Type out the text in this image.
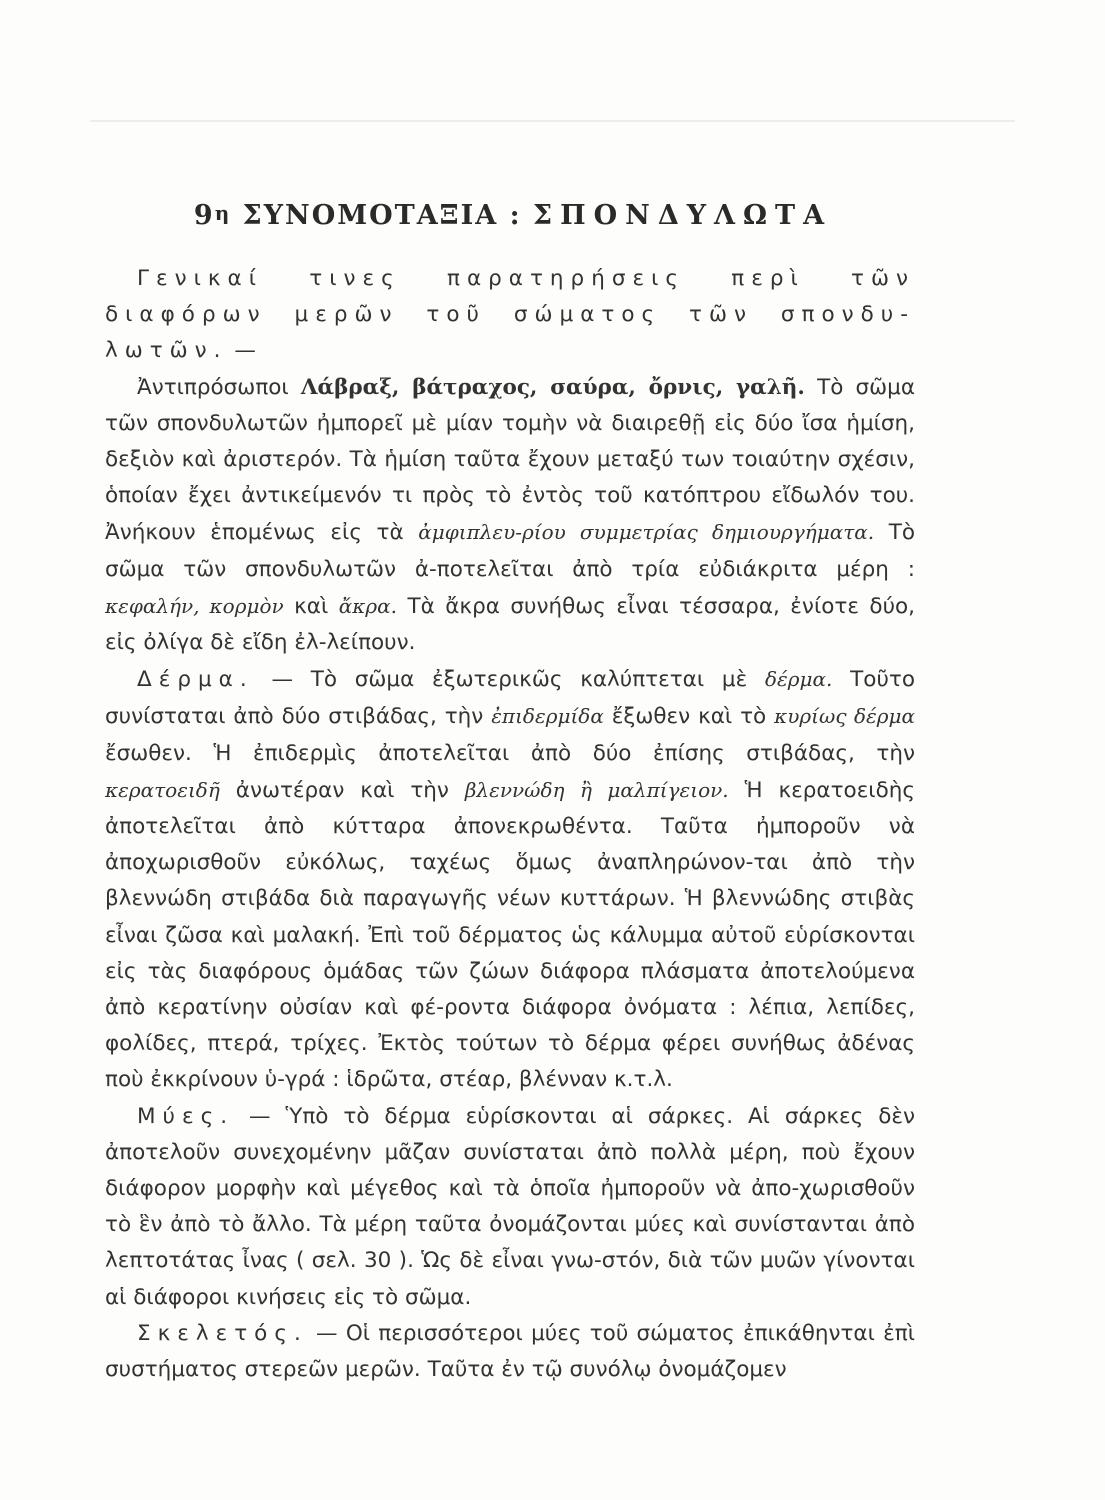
$9^\eta$ ΣΥΝΟΜΟΤΑΞΙΑ : ΣΠΟΝΔΥΛΩΤΑ

Γενικαί τινες παρατηρήσεις περὶ τῶν διαφόρων μερῶν τοῦ σώματος τῶν σπονδυ-λωτῶν. —

Ἀντιπρόσωποι Λάβραξ, βάτραχος, σαύρα, ὄρνις, γαλῆ. Τὸ σῶμα τῶν σπονδυλωτῶν ἠμπορεῖ μὲ μίαν τομὴν νὰ διαιρεθῇ εἰς δύο ἴσα ἡμίση, δεξιὸν καὶ ἀριστερόν. Τὰ ἡμίση ταῦτα ἔχουν μεταξύ των τοιαύτην σχέσιν, ὁποίαν ἔχει ἀντικείμενόν τι πρὸς τὸ ἐντὸς τοῦ κατόπτρου εἴδωλόν του. Ἀνήκουν ἑπομένως εἰς τὰ ἀμφιπλευ-ρίου συμμετρίας δημιουργήματα. Τὸ σῶμα τῶν σπονδυλωτῶν ἀ-ποτελεῖται ἀπὸ τρία εὐδιάκριτα μέρη : κεφαλήν, κορμὸν καὶ ἄκρα. Τὰ ἄκρα συνήθως εἶναι τέσσαρα, ἐνίοτε δύο, εἰς ὀλίγα δὲ εἴδη ἐλ-λείπουν.

Δέρμα. — Τὸ σῶμα ἐξωτερικῶς καλύπτεται μὲ δέρμα. Τοῦτο συνίσταται ἀπὸ δύο στιβάδας, τὴν ἐπιδερμίδα ἔξωθεν καὶ τὸ κυρίως δέρμα ἔσωθεν. Ἡ ἐπιδερμὶς ἀποτελεῖται ἀπὸ δύο ἐπίσης στιβάδας, τὴν κερατοειδῆ ἀνωτέραν καὶ τὴν βλεννώδη ἢ μαλπίγειον. Ἡ κερατοειδὴς ἀποτελεῖται ἀπὸ κύτταρα ἀπονεκρωθέντα. Ταῦτα ἠμποροῦν νὰ ἀποχωρισθοῦν εὐκόλως, ταχέως ὅμως ἀναπληρώνον-ται ἀπὸ τὴν βλεννώδη στιβάδα διὰ παραγωγῆς νέων κυττάρων. Ἡ βλεννώδης στιβὰς εἶναι ζῶσα καὶ μαλακή. Ἐπὶ τοῦ δέρματος ὡς κάλυμμα αὐτοῦ εὑρίσκονται εἰς τὰς διαφόρους ὁμάδας τῶν ζώων διάφορα πλάσματα ἀποτελούμενα ἀπὸ κερατίνην οὐσίαν καὶ φέ-ροντα διάφορα ὀνόματα : λέπια, λεπίδες, φολίδες, πτερά, τρίχες. Ἐκτὸς τούτων τὸ δέρμα φέρει συνήθως ἀδένας ποὺ ἐκκρίνουν ὑ-γρά : ἱδρῶτα, στέαρ, βλένναν κ.τ.λ.

Μύες. — Ὑπὸ τὸ δέρμα εὑρίσκονται αἱ σάρκες. Αἱ σάρκες δὲν ἀποτελοῦν συνεχομένην μᾶζαν συνίσταται ἀπὸ πολλὰ μέρη, ποὺ ἔχουν διάφορον μορφὴν καὶ μέγεθος καὶ τὰ ὁποῖα ἠμποροῦν νὰ ἀπο-χωρισθοῦν τὸ ἓν ἀπὸ τὸ ἄλλο. Τὰ μέρη ταῦτα ὀνομάζονται μύες καὶ συνίστανται ἀπὸ λεπτοτάτας ἶνας ( σελ. 30 ). Ὡς δὲ εἶναι γνω-στόν, διὰ τῶν μυῶν γίνονται αἱ διάφοροι κινήσεις εἰς τὸ σῶμα.

Σκελετός. — Οἱ περισσότεροι μύες τοῦ σώματος ἐπικάθηνται ἐπὶ συστήματος στερεῶν μερῶν. Ταῦτα ἐν τῷ συνόλῳ ὀνομάζομεν
